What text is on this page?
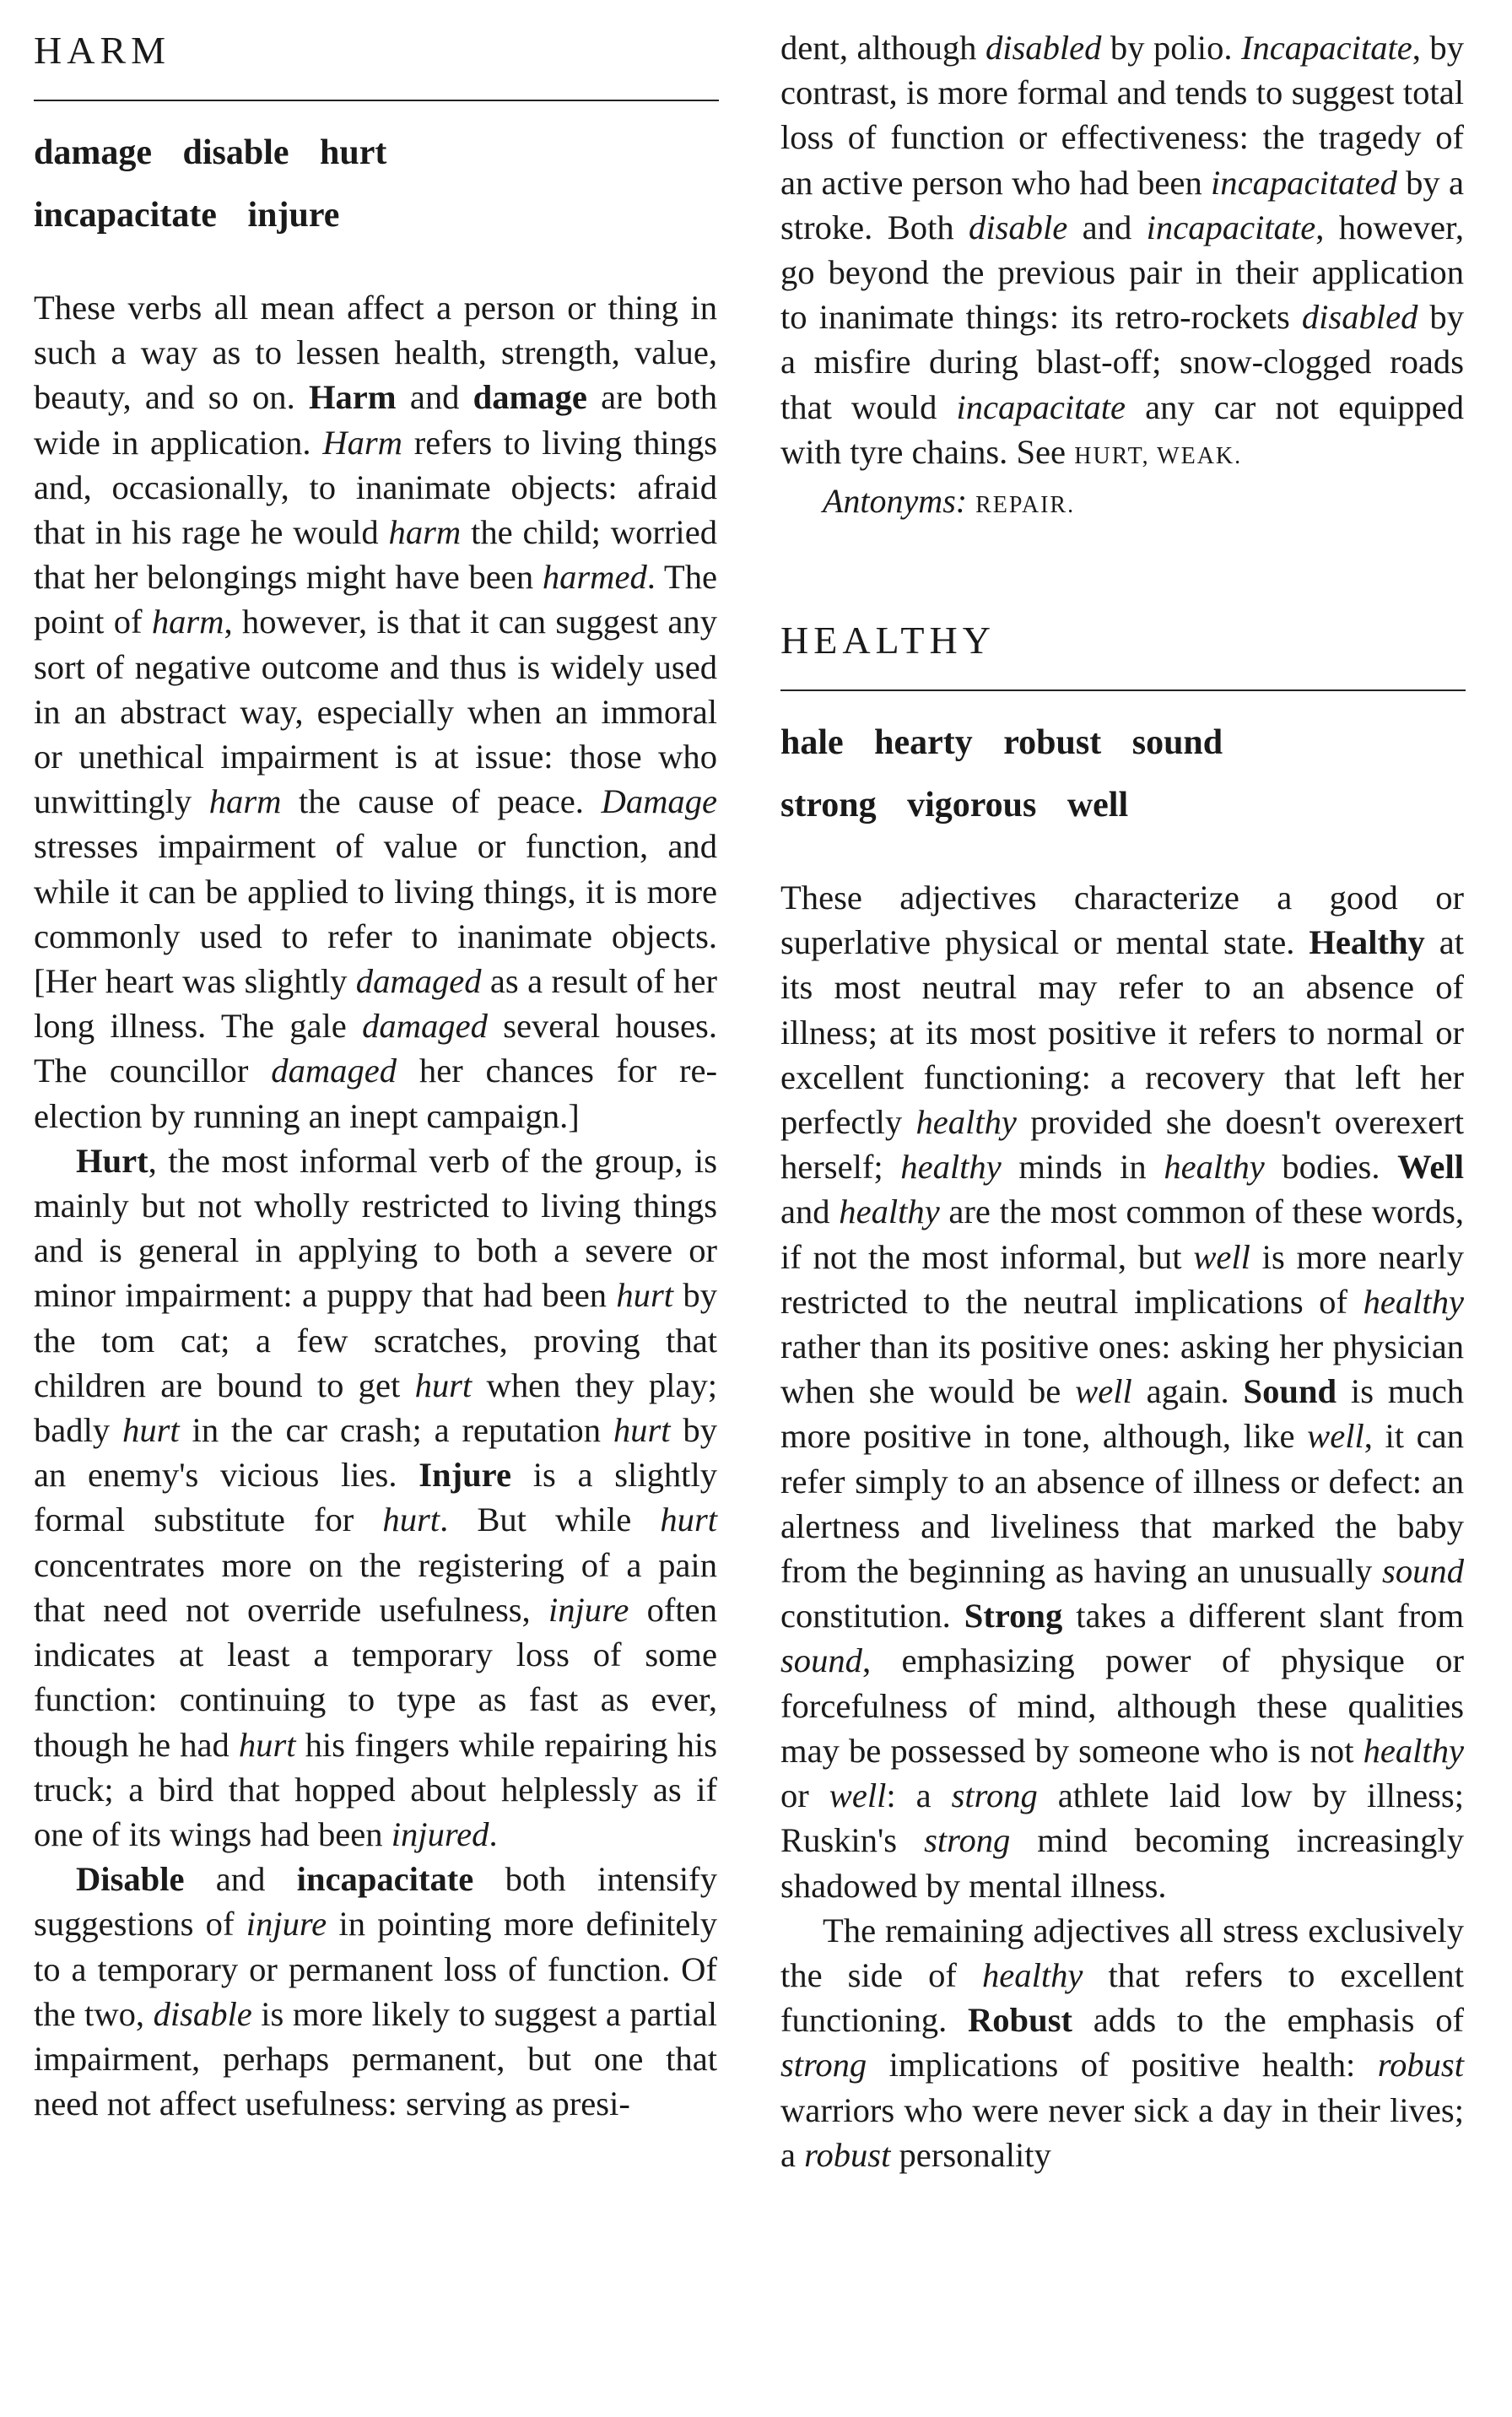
HARM
damage disable hurt
incapacitate injure

These verbs all mean affect a person or thing in such a way as to lessen health, strength, value, beauty, and so on. Harm and damage are both wide in application. Harm refers to living things and, occasionally, to inanimate objects: afraid that in his rage he would harm the child; worried that her belongings might have been harmed. The point of harm, however, is that it can suggest any sort of negative outcome and thus is widely used in an abstract way, especially when an immoral or unethical impairment is at issue: those who unwittingly harm the cause of peace. Damage stresses impairment of value or function, and while it can be applied to living things, it is more commonly used to refer to inanimate objects. [Her heart was slightly damaged as a result of her long illness. The gale damaged several houses. The councillor damaged her chances for re-election by running an inept campaign.]

Hurt, the most informal verb of the group, is mainly but not wholly restricted to living things and is general in applying to both a severe or minor impairment: a puppy that had been hurt by the tom cat; a few scratches, proving that children are bound to get hurt when they play; badly hurt in the car crash; a reputation hurt by an enemy's vicious lies. Injure is a slightly formal substitute for hurt. But while hurt concentrates more on the registering of a pain that need not override usefulness, injure often indicates at least a temporary loss of some function: continuing to type as fast as ever, though he had hurt his fingers while repairing his truck; a bird that hopped about helplessly as if one of its wings had been injured.

Disable and incapacitate both intensify suggestions of injure in pointing more definitely to a temporary or permanent loss of function. Of the two, disable is more likely to suggest a partial impairment, perhaps permanent, but one that need not affect usefulness: serving as presi-

dent, although disabled by polio. Incapacitate, by contrast, is more formal and tends to suggest total loss of function or effectiveness: the tragedy of an active person who had been incapacitated by a stroke. Both disable and incapacitate, however, go beyond the previous pair in their application to inanimate things: its retro-rockets disabled by a misfire during blast-off; snow-clogged roads that would incapacitate any car not equipped with tyre chains. See HURT, WEAK.

Antonyms: REPAIR.
HEALTHY
hale hearty robust sound
strong vigorous well

These adjectives characterize a good or superlative physical or mental state. Healthy at its most neutral may refer to an absence of illness; at its most positive it refers to normal or excellent functioning: a recovery that left her perfectly healthy provided she doesn't overexert herself; healthy minds in healthy bodies. Well and healthy are the most common of these words, if not the most informal, but well is more nearly restricted to the neutral implications of healthy rather than its positive ones: asking her physician when she would be well again. Sound is much more positive in tone, although, like well, it can refer simply to an absence of illness or defect: an alertness and liveliness that marked the baby from the beginning as having an unusually sound constitution. Strong takes a different slant from sound, emphasizing power of physique or forcefulness of mind, although these qualities may be possessed by someone who is not healthy or well: a strong athlete laid low by illness; Ruskin's strong mind becoming increasingly shadowed by mental illness.

The remaining adjectives all stress exclusively the side of healthy that refers to excellent functioning. Robust adds to the emphasis of strong implications of positive health: robust warriors who were never sick a day in their lives; a robust personality
